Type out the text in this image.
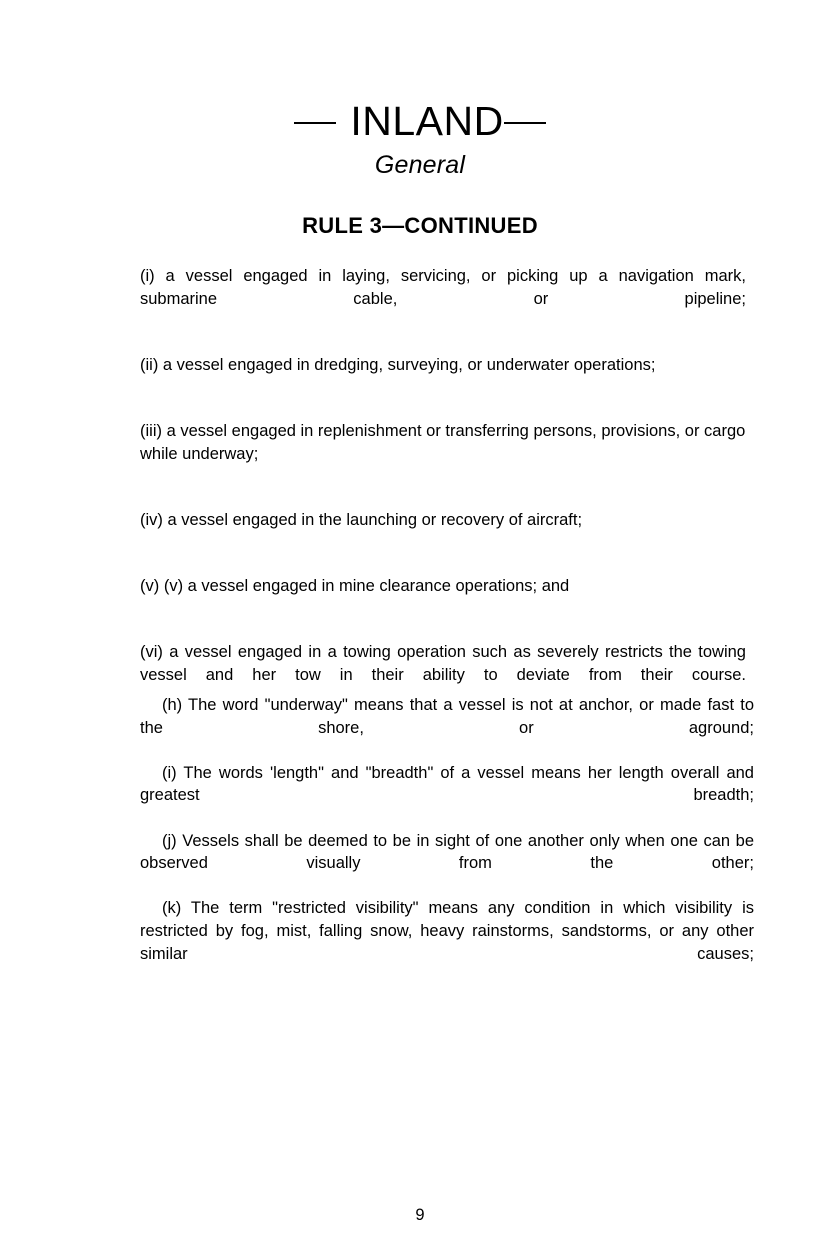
INLAND
General
RULE 3—CONTINUED

(i) a vessel engaged in laying, servicing, or picking up a navigation mark, submarine cable, or pipeline;

(ii) a vessel engaged in dredging, surveying, or underwater operations;

(iii) a vessel engaged in replenishment or transferring persons, provisions, or cargo while underway;

(iv) a vessel engaged in the launching or recovery of aircraft;

(v) (v) a vessel engaged in mine clearance operations; and

(vi) a vessel engaged in a towing operation such as severely restricts the towing vessel and her tow in their ability to deviate from their course.

(h) The word "underway" means that a vessel is not at anchor, or made fast to the shore, or aground;

(i) The words 'length" and "breadth" of a vessel means her length overall and greatest breadth;

(j) Vessels shall be deemed to be in sight of one another only when one can be observed visually from the other;

(k) The term "restricted visibility" means any condition in which visibility is restricted by fog, mist, falling snow, heavy rainstorms, sandstorms, or any other similar causes;

9
